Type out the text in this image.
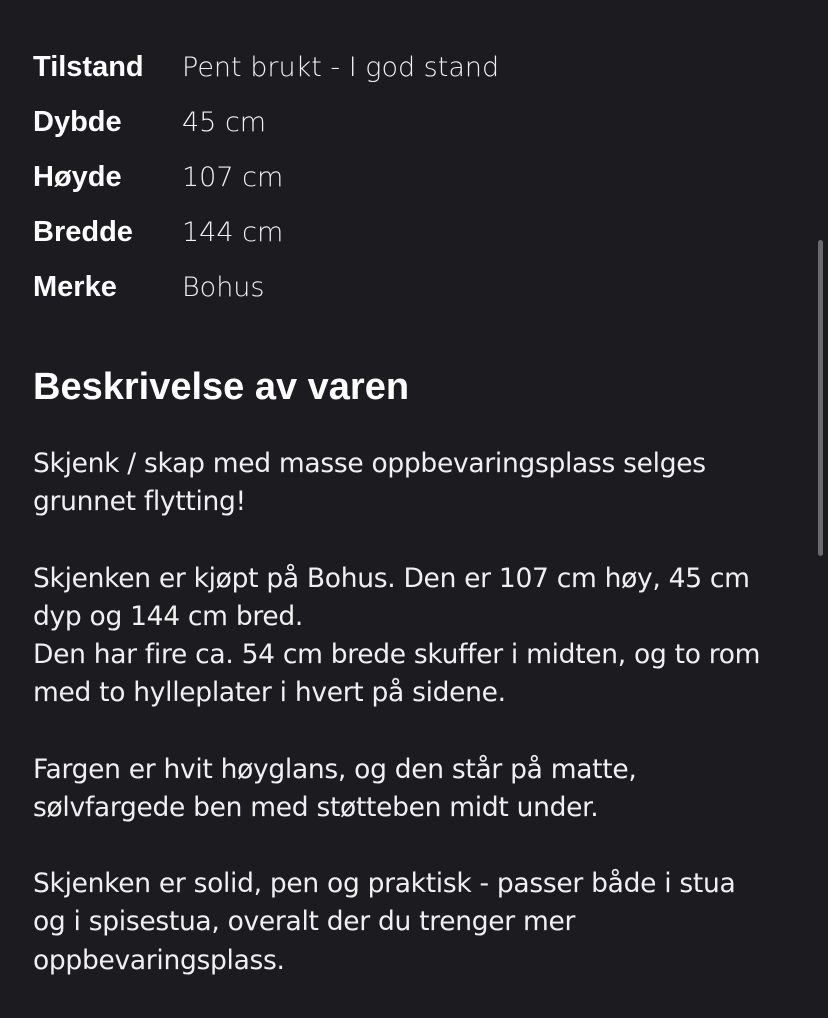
Tilstand	Pent brukt - I god stand
Dybde	45 cm
Høyde	107 cm
Bredde	144 cm
Merke	Bohus
Beskrivelse av varen

Skjenk / skap med masse oppbevaringsplass selges
grunnet flytting!

Skjenken er kjøpt på Bohus. Den er 107 cm høy, 45 cm
dyp og 144 cm bred.
Den har fire ca. 54 cm brede skuffer i midten, og to rom
med to hylleplater i hvert på sidene.

Fargen er hvit høyglans, og den står på matte,
sølvfargede ben med støtteben midt under.

Skjenken er solid, pen og praktisk - passer både i stua
og i spisestua, overalt der du trenger mer
oppbevaringsplass.
